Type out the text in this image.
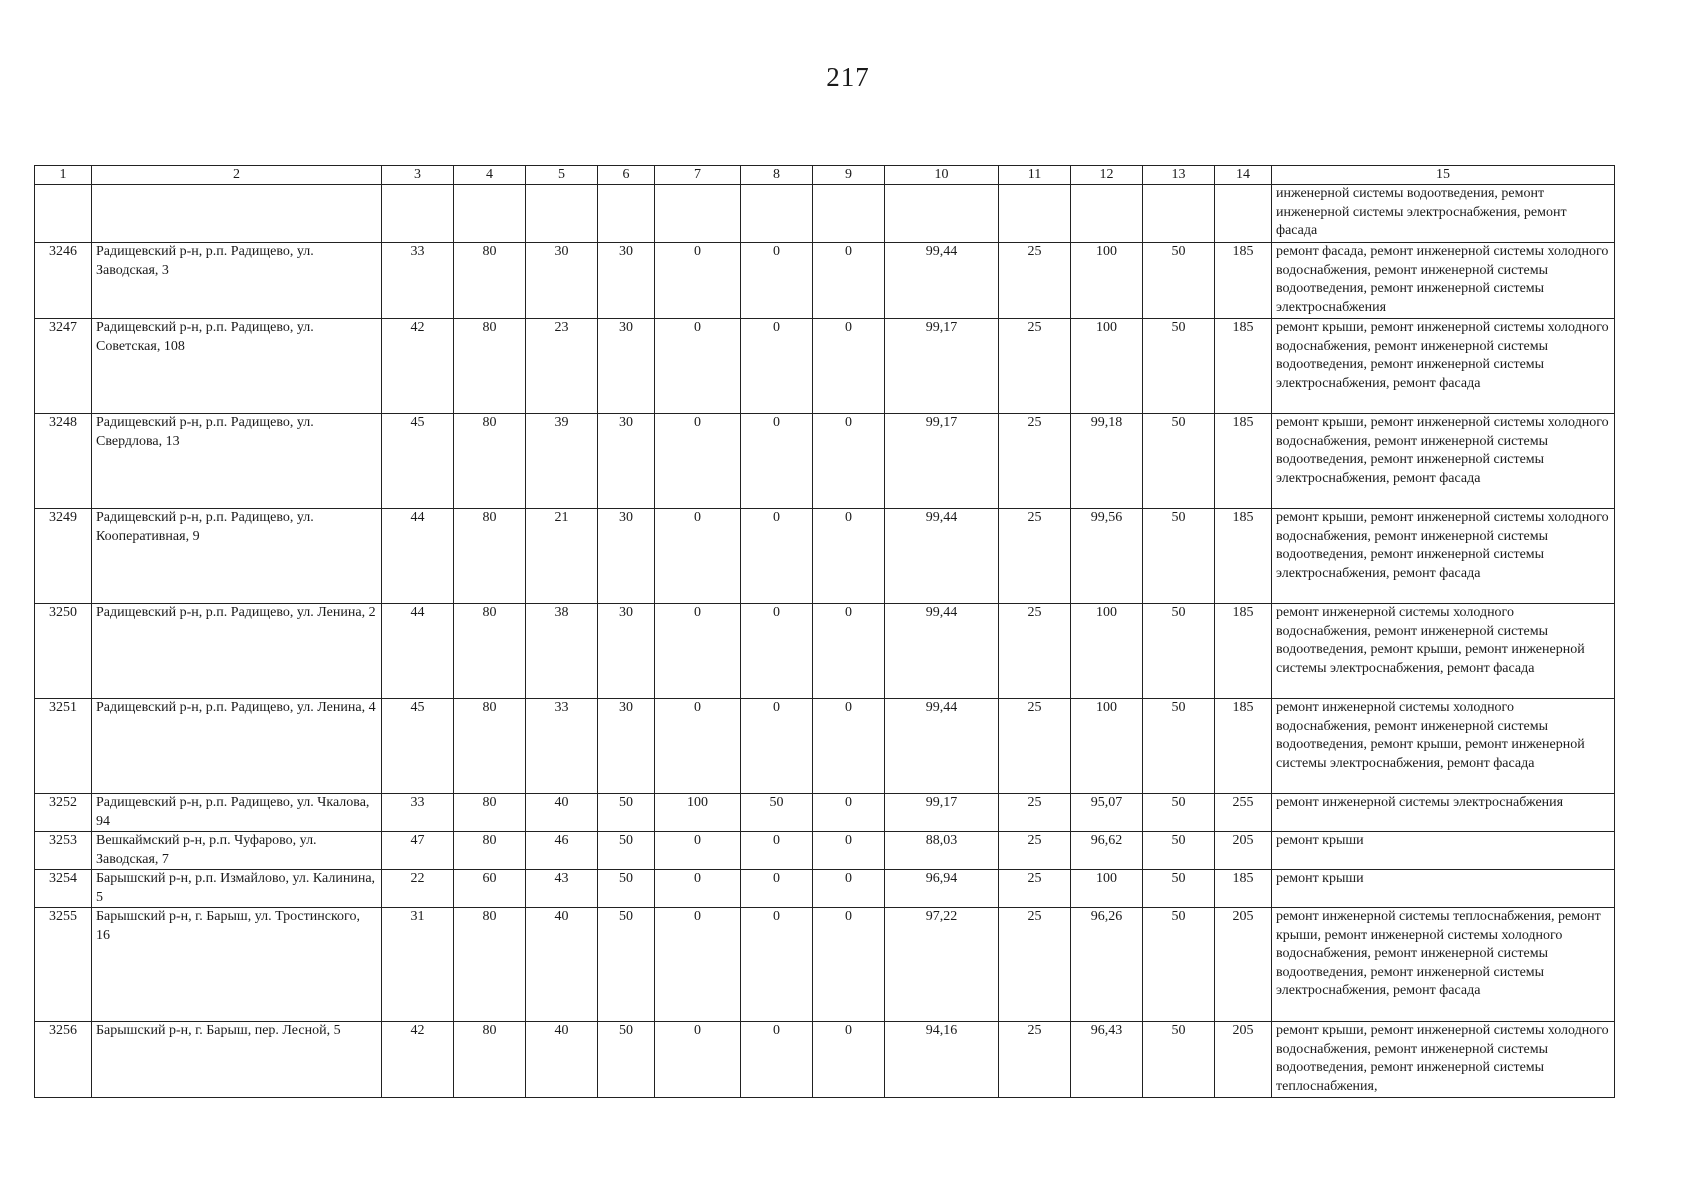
217
1	2	3	4	5	6	7	8	9	10	11	12	13	14	15
														инженерной системы водоотведения, ремонт инженерной системы электроснабжения, ремонт фасада
3246	Радищевский р-н, р.п. Радищево, ул. Заводская, 3	33	80	30	30	0	0	0	99,44	25	100	50	185	ремонт фасада, ремонт инженерной системы холодного водоснабжения, ремонт инженерной системы водоотведения, ремонт инженерной системы электроснабжения
3247	Радищевский р-н, р.п. Радищево, ул. Советская, 108	42	80	23	30	0	0	0	99,17	25	100	50	185	ремонт крыши, ремонт инженерной системы холодного водоснабжения, ремонт инженерной системы водоотведения, ремонт инженерной системы электроснабжения, ремонт фасада
3248	Радищевский р-н, р.п. Радищево, ул. Свердлова, 13	45	80	39	30	0	0	0	99,17	25	99,18	50	185	ремонт крыши, ремонт инженерной системы холодного водоснабжения, ремонт инженерной системы водоотведения, ремонт инженерной системы электроснабжения, ремонт фасада
3249	Радищевский р-н, р.п. Радищево, ул. Кооперативная, 9	44	80	21	30	0	0	0	99,44	25	99,56	50	185	ремонт крыши, ремонт инженерной системы холодного водоснабжения, ремонт инженерной системы водоотведения, ремонт инженерной системы электроснабжения, ремонт фасада
3250	Радищевский р-н, р.п. Радищево, ул. Ленина, 2	44	80	38	30	0	0	0	99,44	25	100	50	185	ремонт инженерной системы холодного водоснабжения, ремонт инженерной системы водоотведения, ремонт крыши, ремонт инженерной системы электроснабжения, ремонт фасада
3251	Радищевский р-н, р.п. Радищево, ул. Ленина, 4	45	80	33	30	0	0	0	99,44	25	100	50	185	ремонт инженерной системы холодного водоснабжения, ремонт инженерной системы водоотведения, ремонт крыши, ремонт инженерной системы электроснабжения, ремонт фасада
3252	Радищевский р-н, р.п. Радищево, ул. Чкалова, 94	33	80	40	50	100	50	0	99,17	25	95,07	50	255	ремонт инженерной системы электроснабжения
3253	Вешкаймский р-н, р.п. Чуфарово, ул. Заводская, 7	47	80	46	50	0	0	0	88,03	25	96,62	50	205	ремонт крыши
3254	Барышский р-н, р.п. Измайлово, ул. Калинина, 5	22	60	43	50	0	0	0	96,94	25	100	50	185	ремонт крыши
3255	Барышский р-н, г. Барыш, ул. Тростинского, 16	31	80	40	50	0	0	0	97,22	25	96,26	50	205	ремонт инженерной системы теплоснабжения, ремонт крыши, ремонт инженерной системы холодного водоснабжения, ремонт инженерной системы водоотведения, ремонт инженерной системы электроснабжения, ремонт фасада
3256	Барышский р-н, г. Барыш, пер. Лесной, 5	42	80	40	50	0	0	0	94,16	25	96,43	50	205	ремонт крыши, ремонт инженерной системы холодного водоснабжения, ремонт инженерной системы водоотведения, ремонт инженерной системы теплоснабжения,
